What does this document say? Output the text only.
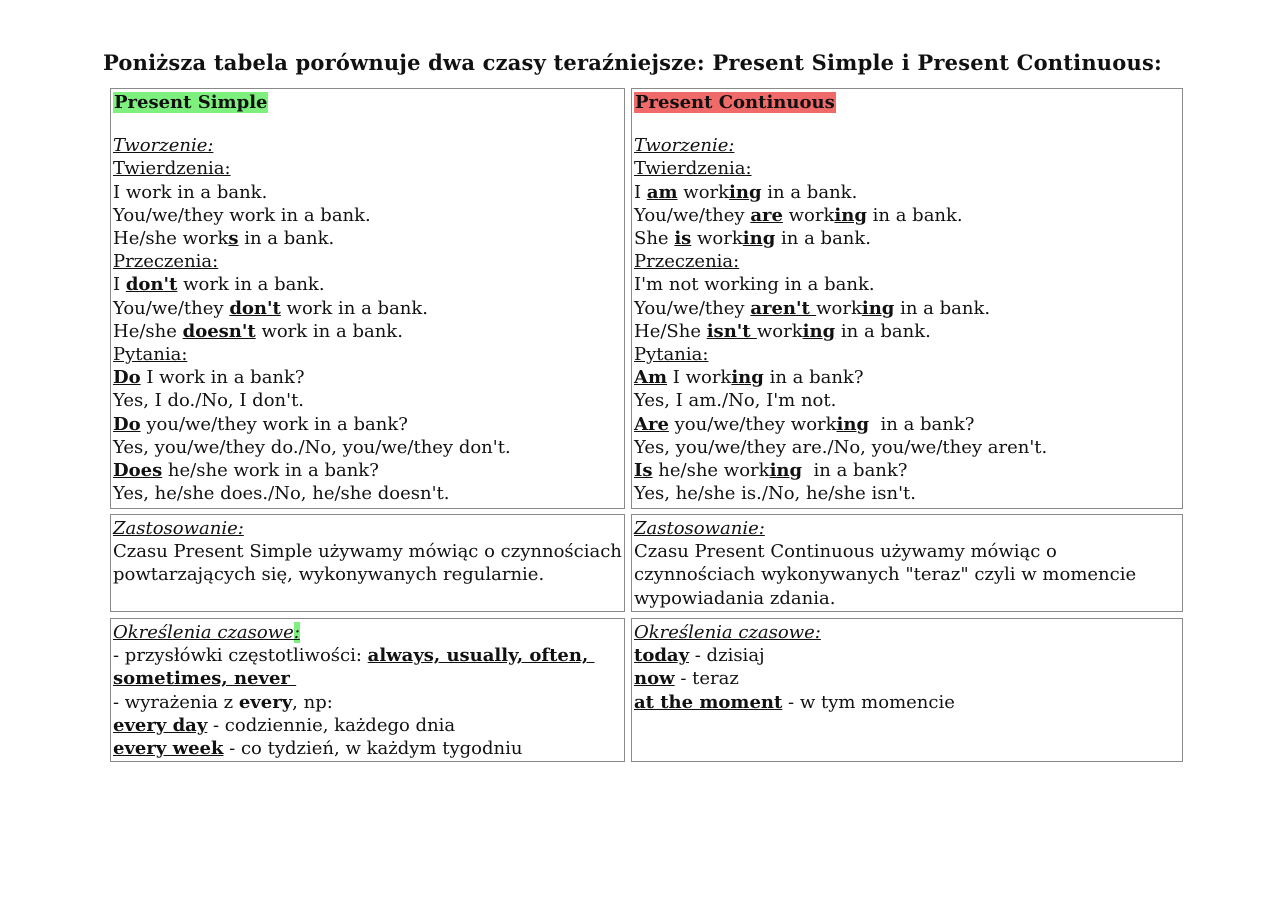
Poniższa tabela porównuje dwa czasy teraźniejsze: Present Simple i Present Continuous:
Present Simple
Tworzenie:
Twierdzenia:
I work in a bank.
You/we/they work in a bank.
He/she works in a bank.
Przeczenia:
I don't work in a bank.
You/we/they don't work in a bank.
He/she doesn't work in a bank.
Pytania:
Do I work in a bank?
Yes, I do./No, I don't.
Do you/we/they work in a bank?
Yes, you/we/they do./No, you/we/they don't.
Does he/she work in a bank?
Yes, he/she does./No, he/she doesn't.
Present Continuous
Tworzenie:
Twierdzenia:
I am working in a bank.
You/we/they are working in a bank.
She is working in a bank.
Przeczenia:
I'm not working in a bank.
You/we/they aren't working in a bank.
He/She isn't working in a bank.
Pytania:
Am I working in a bank?
Yes, I am./No, I'm not.
Are you/we/they working  in a bank?
Yes, you/we/they are./No, you/we/they aren't.
Is he/she working  in a bank?
Yes, he/she is./No, he/she isn't.
Zastosowanie:
Czasu Present Simple używamy mówiąc o czynnościach powtarzających się, wykonywanych regularnie.
Zastosowanie:
Czasu Present Continuous używamy mówiąc o czynnościach wykonywanych "teraz" czyli w momencie wypowiadania zdania.
Określenia czasowe:
- przysłówki częstotliwości: always, usually, often,
sometimes, never
- wyrażenia z every, np:
every day - codziennie, każdego dnia
every week - co tydzień, w każdym tygodniu
Określenia czasowe:
today - dzisiaj
now - teraz
at the moment - w tym momencie
